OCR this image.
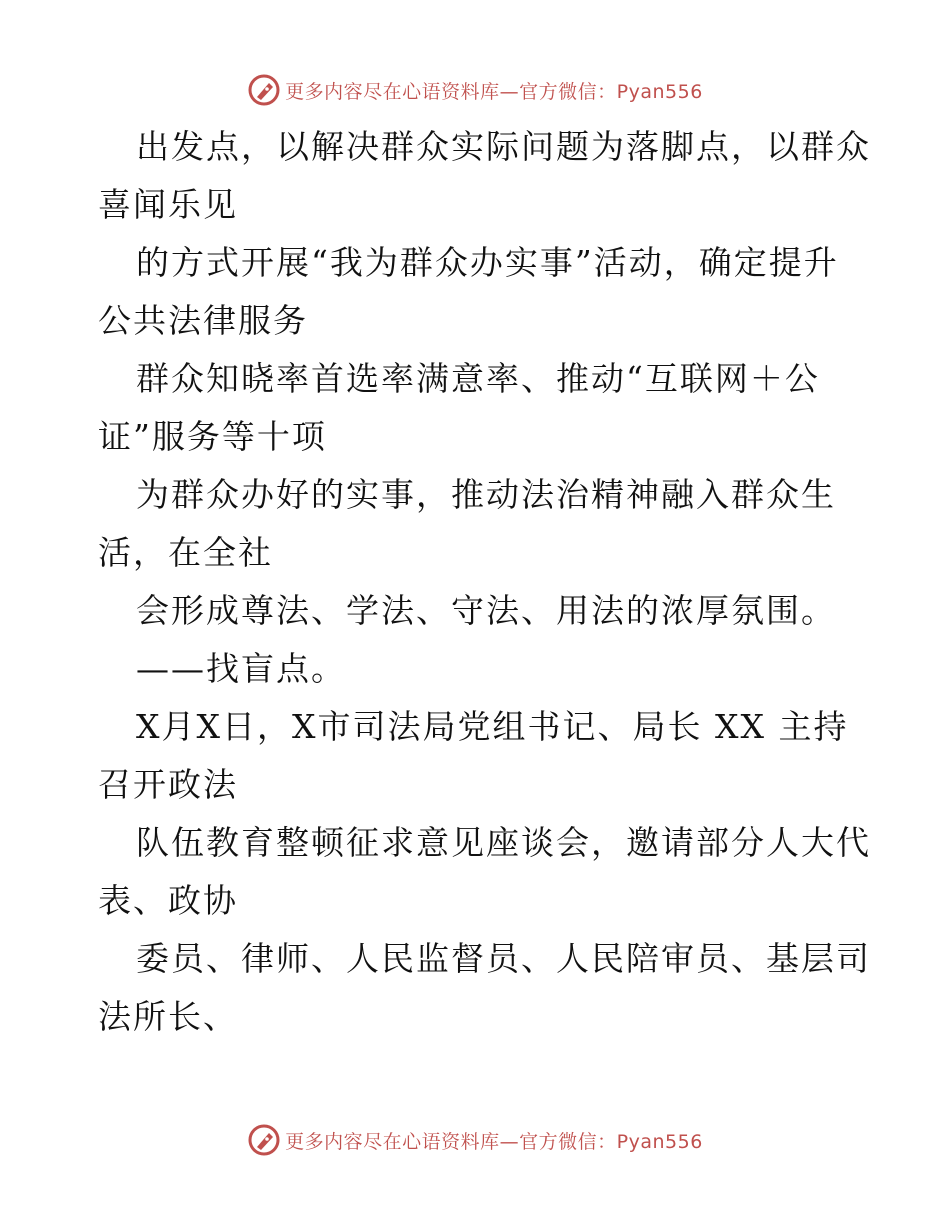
更多内容尽在心语资料库—官方微信：Pyan556
出发点，以解决群众实际问题为落脚点，以群众
喜闻乐见
的方式开展“我为群众办实事”活动，确定提升
公共法律服务
群众知晓率首选率满意率、推动“互联网＋公
证”服务等十项
为群众办好的实事，推动法治精神融入群众生
活，在全社
会形成尊法、学法、守法、用法的浓厚氛围。
——找盲点。
X月X日，X市司法局党组书记、局长 XX 主持
召开政法
队伍教育整顿征求意见座谈会，邀请部分人大代
表、政协
委员、律师、人民监督员、人民陪审员、基层司
法所长、
更多内容尽在心语资料库—官方微信：Pyan556
